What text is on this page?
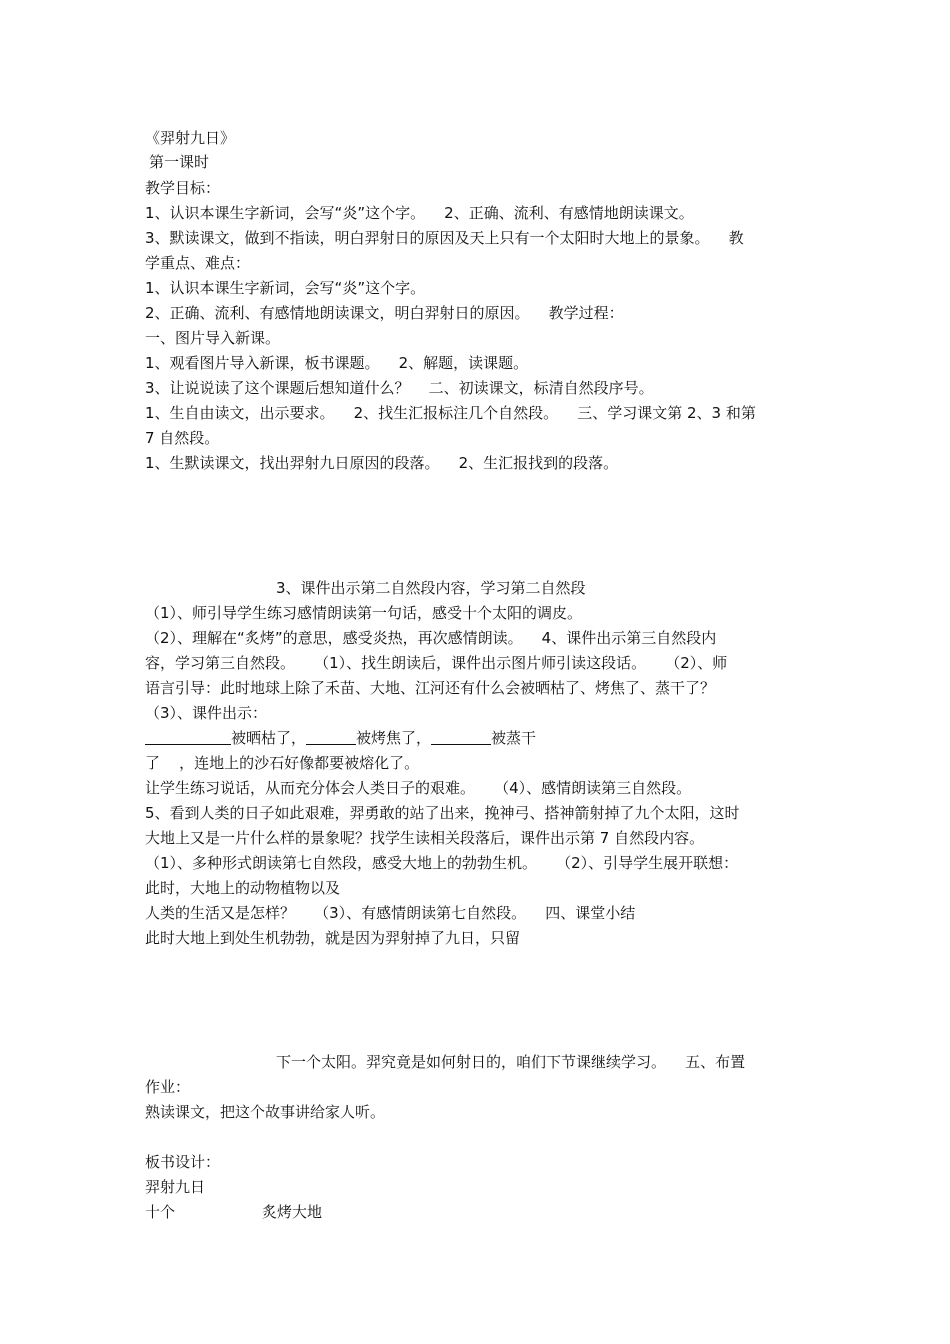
《羿射九日》
第一课时
教学目标：
1、认识本课生字新词，会写“炎”这个字。    2、正确、流利、有感情地朗读课文。
3、默读课文，做到不指读，明白羿射日的原因及天上只有一个太阳时大地上的景象。    教
学重点、难点：
1、认识本课生字新词，会写“炎”这个字。
2、正确、流利、有感情地朗读课文，明白羿射日的原因。    教学过程：
一、图片导入新课。
1、观看图片导入新课，板书课题。    2、解题，读课题。
3、让说说读了这个课题后想知道什么？    二、初读课文，标清自然段序号。
1、生自由读文，出示要求。    2、找生汇报标注几个自然段。    三、学习课文第 2、3 和第
7 自然段。
1、生默读课文，找出羿射九日原因的段落。    2、生汇报找到的段落。
3、课件出示第二自然段内容，学习第二自然段
（1）、师引导学生练习感情朗读第一句话，感受十个太阳的调皮。
（2）、理解在“炙烤”的意思，感受炎热，再次感情朗读。    4、课件出示第三自然段内
容，学习第三自然段。    （1）、找生朗读后，课件出示图片师引读这段话。    （2）、师
语言引导：此时地球上除了禾苗、大地、江河还有什么会被晒枯了、烤焦了、蒸干了？
（3）、课件出示：
被晒枯了，	被烤焦了，	被蒸干
了    ，连地上的沙石好像都要被熔化了。
让学生练习说话，从而充分体会人类日子的艰难。    （4）、感情朗读第三自然段。
5、看到人类的日子如此艰难，羿勇敢的站了出来，挽神弓、搭神箭射掉了九个太阳，这时
大地上又是一片什么样的景象呢？找学生读相关段落后，课件出示第 7 自然段内容。
（1）、多种形式朗读第七自然段，感受大地上的勃勃生机。    （2）、引导学生展开联想：
此时，大地上的动物植物以及
人类的生活又是怎样？    （3）、有感情朗读第七自然段。    四、课堂小结
此时大地上到处生机勃勃，就是因为羿射掉了九日，只留
下一个太阳。羿究竟是如何射日的，咱们下节课继续学习。    五、布置
作业：
熟读课文，把这个故事讲给家人听。
板书设计：
羿射九日
十个	炙烤大地
